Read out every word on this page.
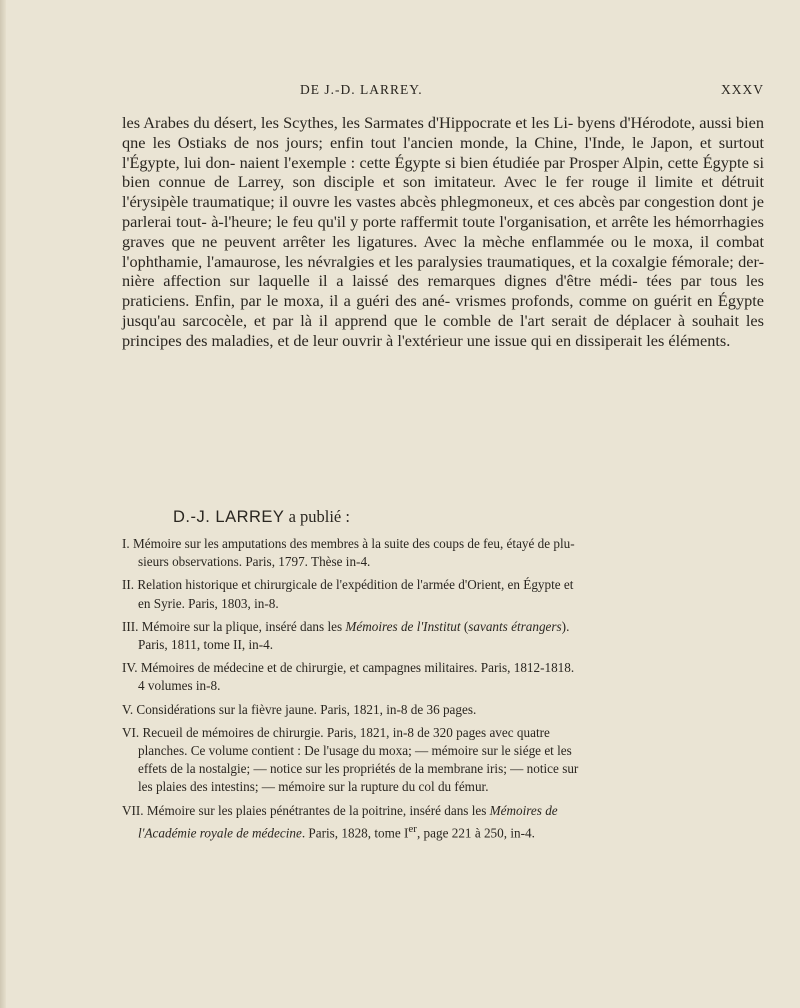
DE J.-D. LARREY.	XXXV

les Arabes du désert, les Scythes, les Sarmates d'Hippocrate et les Li- byens d'Hérodote, aussi bien qne les Ostiaks de nos jours; enfin tout l'ancien monde, la Chine, l'Inde, le Japon, et surtout l'Égypte, lui don- naient l'exemple : cette Égypte si bien étudiée par Prosper Alpin, cette Égypte si bien connue de Larrey, son disciple et son imitateur. Avec le fer rouge il limite et détruit l'érysipèle traumatique; il ouvre les vastes abcès phlegmoneux, et ces abcès par congestion dont je parlerai tout- à-l'heure; le feu qu'il y porte raffermit toute l'organisation, et arrête les hémorrhagies graves que ne peuvent arrêter les ligatures. Avec la mèche enflammée ou le moxa, il combat l'ophthamie, l'amaurose, les névralgies et les paralysies traumatiques, et la coxalgie fémorale; der- nière affection sur laquelle il a laissé des remarques dignes d'être médi- tées par tous les praticiens. Enfin, par le moxa, il a guéri des ané- vrismes profonds, comme on guérit en Égypte jusqu'au sarcocèle, et par là il apprend que le comble de l'art serait de déplacer à souhait les principes des maladies, et de leur ouvrir à l'extérieur une issue qui en dissiperait les éléments.

D.-J. LARREY a publié :
I. Mémoire sur les amputations des membres à la suite des coups de feu, étayé de plu-
sieurs observations. Paris, 1797. Thèse in-4.
II. Relation historique et chirurgicale de l'expédition de l'armée d'Orient, en Égypte et
en Syrie. Paris, 1803, in-8.
III. Mémoire sur la plique, inséré dans les Mémoires de l'Institut (savants étrangers).
Paris, 1811, tome II, in-4.
IV. Mémoires de médecine et de chirurgie, et campagnes militaires. Paris, 1812-1818.
4 volumes in-8.
V. Considérations sur la fièvre jaune. Paris, 1821, in-8 de 36 pages.
VI. Recueil de mémoires de chirurgie. Paris, 1821, in-8 de 320 pages avec quatre
planches. Ce volume contient : De l'usage du moxa; — mémoire sur le siége et les
effets de la nostalgie; — notice sur les propriétés de la membrane iris; — notice sur
les plaies des intestins; — mémoire sur la rupture du col du fémur.
VII. Mémoire sur les plaies pénétrantes de la poitrine, inséré dans les Mémoires de
l'Académie royale de médecine. Paris, 1828, tome Ier, page 221 à 250, in-4.
